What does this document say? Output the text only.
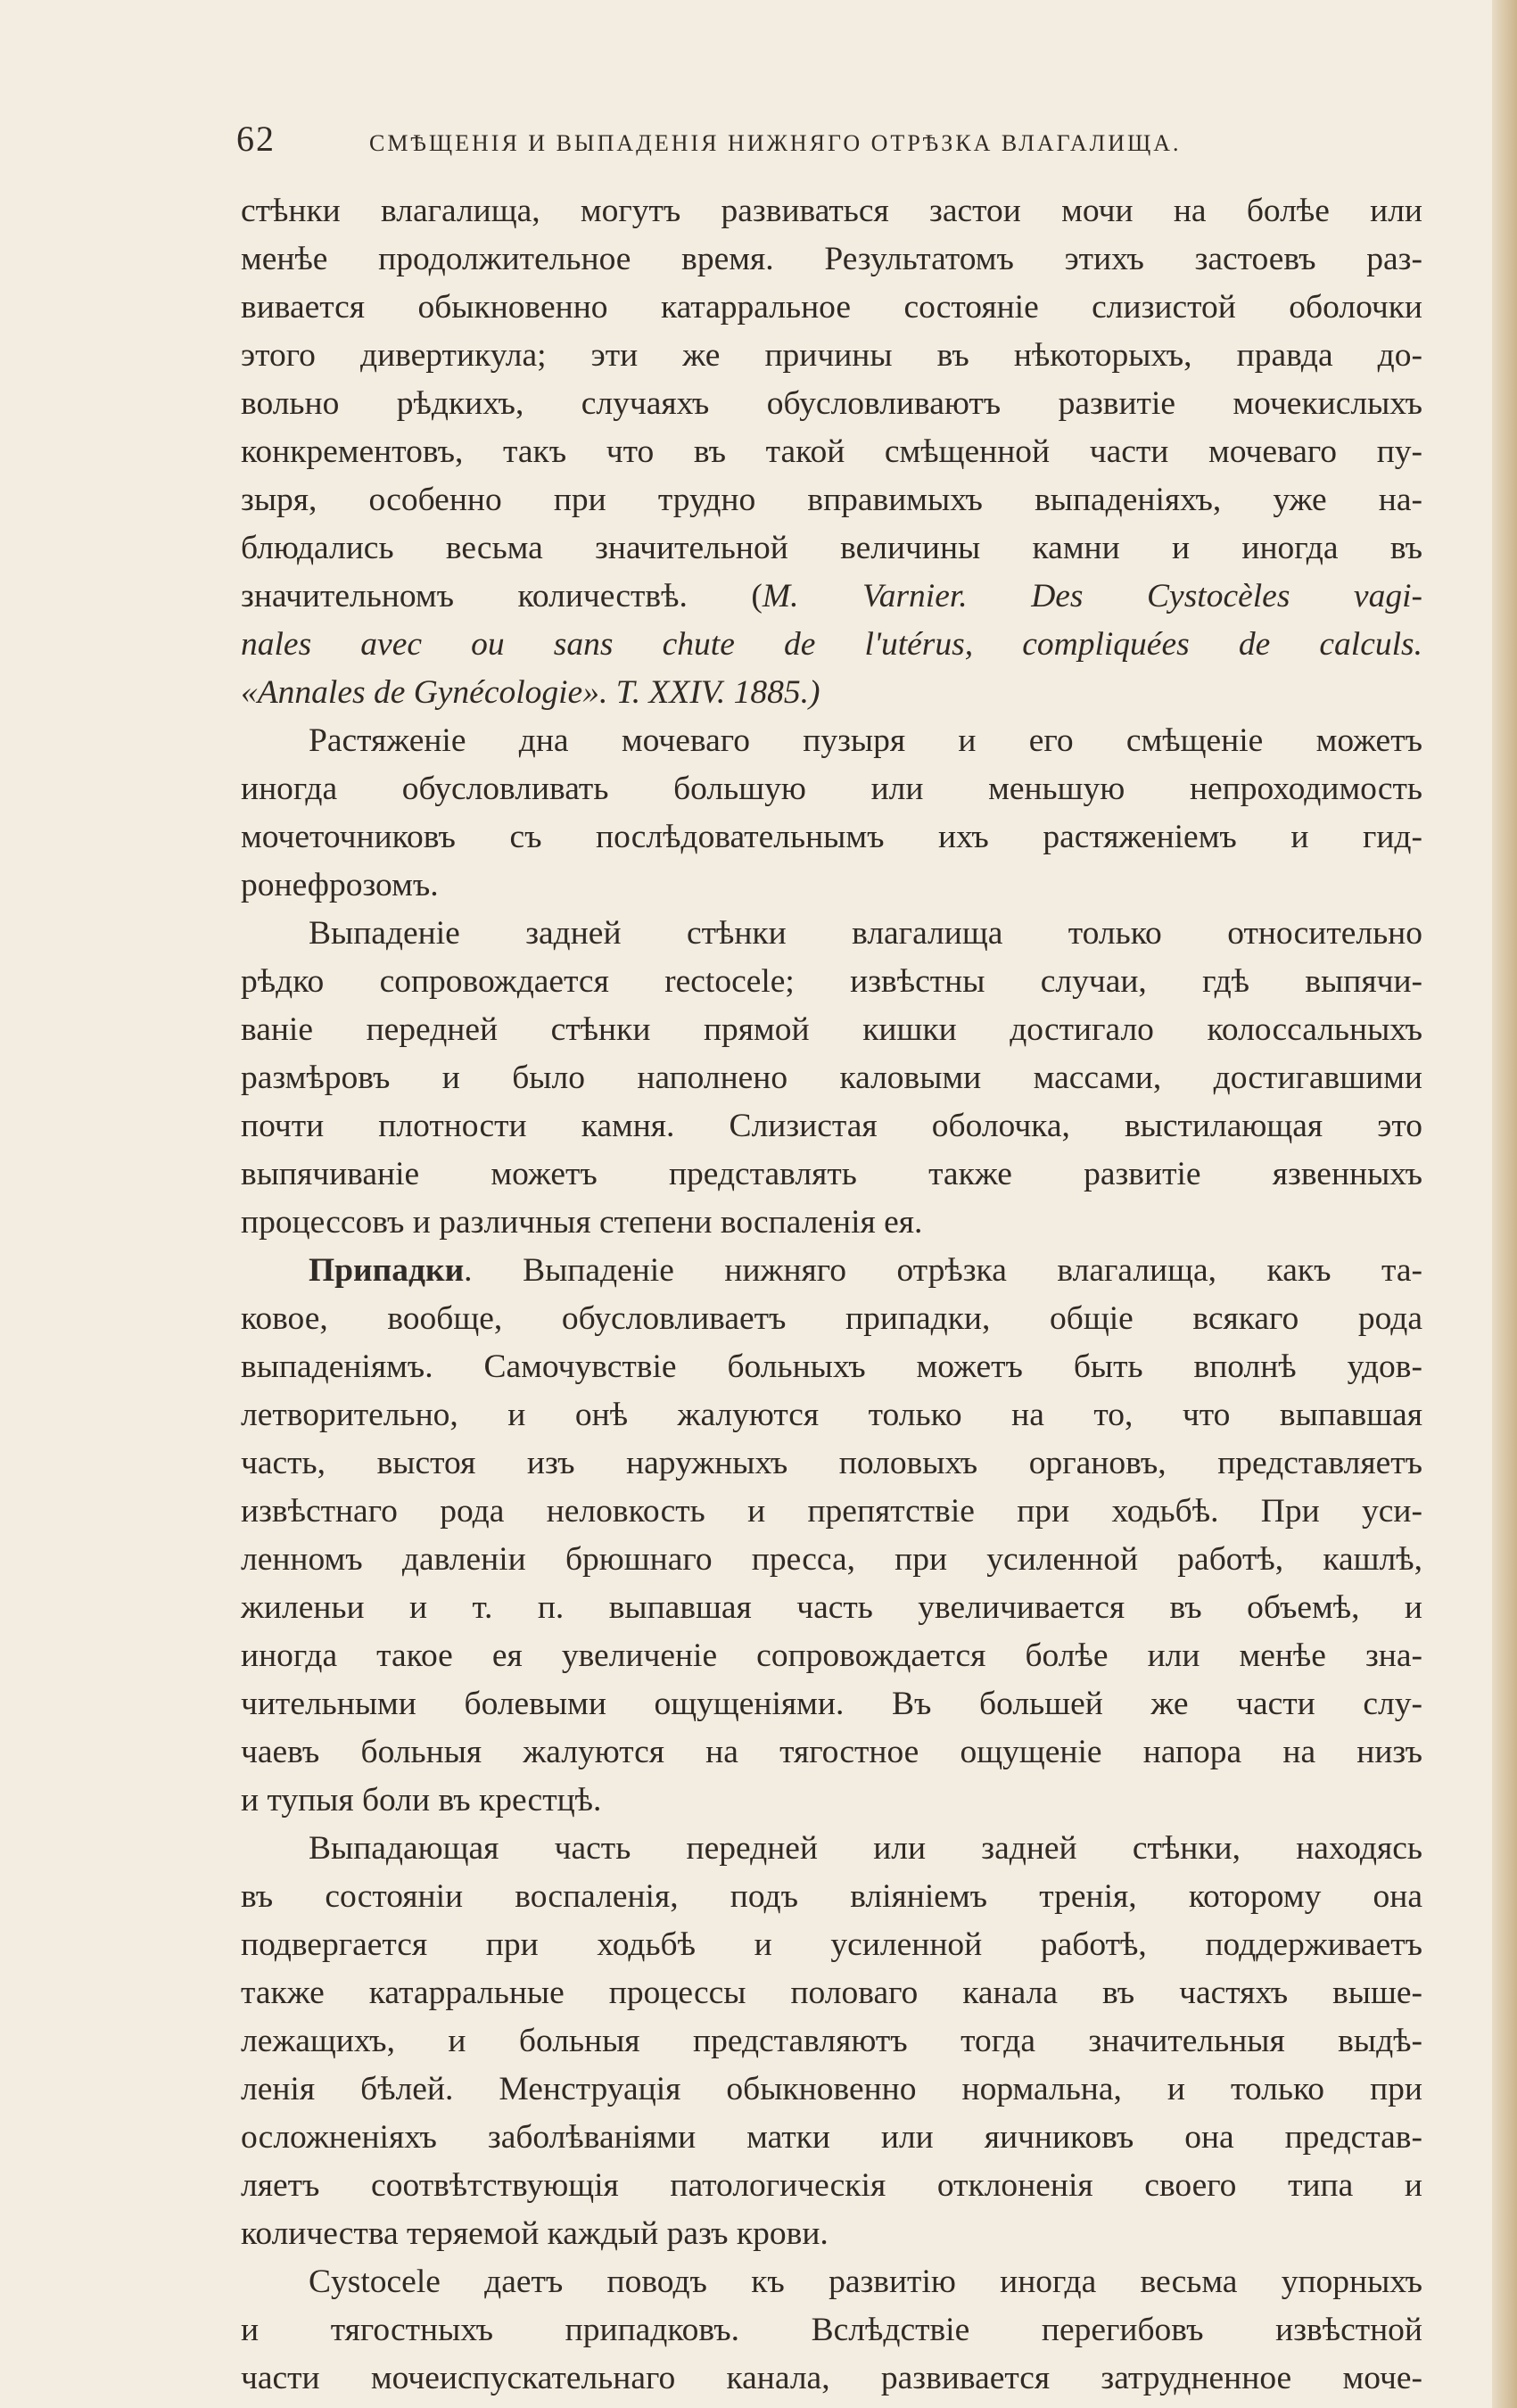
62	СМѢЩЕНІЯ И ВЫПАДЕНІЯ НИЖНЯГО ОТРѢЗКА ВЛАГАЛИЩА.
стѣнки влагалища, могутъ развиваться застои мочи на болѣе или
менѣе продолжительное время. Результатомъ этихъ застоевъ раз-
вивается обыкновенно катарральное состояніе слизистой оболочки
этого дивертикула; эти же причины въ нѣкоторыхъ, правда до-
вольно рѣдкихъ, случаяхъ обусловливаютъ развитіе мочекислыхъ
конкрементовъ, такъ что въ такой смѣщенной части мочеваго пу-
зыря, особенно при трудно вправимыхъ выпаденіяхъ, уже на-
блюдались весьма значительной величины камни и иногда въ
значительномъ количествѣ. (M. Varnier. Des Cystocèles vagi-
nales avec ou sans chute de l'utérus, compliquées de calculs.
«Annales de Gynécologie». T. XXIV. 1885.)
Растяженіе дна мочеваго пузыря и его смѣщеніе можетъ
иногда обусловливать большую или меньшую непроходимость
мочеточниковъ съ послѣдовательнымъ ихъ растяженіемъ и гид-
ронефрозомъ.
Выпаденіе задней стѣнки влагалища только относительно
рѣдко сопровождается rectocele; извѣстны случаи, гдѣ выпячи-
ваніе передней стѣнки прямой кишки достигало колоссальныхъ
размѣровъ и было наполнено каловыми массами, достигавшими
почти плотности камня. Слизистая оболочка, выстилающая это
выпячиваніе можетъ представлять также развитіе язвенныхъ
процессовъ и различныя степени воспаленія ея.
Припадки. Выпаденіе нижняго отрѣзка влагалища, какъ та-
ковое, вообще, обусловливаетъ припадки, общіе всякаго рода
выпаденіямъ. Самочувствіе больныхъ можетъ быть вполнѣ удов-
летворительно, и онѣ жалуются только на то, что выпавшая
часть, выстоя изъ наружныхъ половыхъ органовъ, представляетъ
извѣстнаго рода неловкость и препятствіе при ходьбѣ. При уси-
ленномъ давленіи брюшнаго пресса, при усиленной работѣ, кашлѣ,
жиленьи и т. п. выпавшая часть увеличивается въ объемѣ, и
иногда такое ея увеличеніе сопровождается болѣе или менѣе зна-
чительными болевыми ощущеніями. Въ большей же части слу-
чаевъ больныя жалуются на тягостное ощущеніе напора на низъ
и тупыя боли въ крестцѣ.
Выпадающая часть передней или задней стѣнки, находясь
въ состояніи воспаленія, подъ вліяніемъ тренія, которому она
подвергается при ходьбѣ и усиленной работѣ, поддерживаетъ
также катарральные процессы половаго канала въ частяхъ выше-
лежащихъ, и больныя представляютъ тогда значительныя выдѣ-
ленія бѣлей. Менструація обыкновенно нормальна, и только при
осложненіяхъ заболѣваніями матки или яичниковъ она представ-
ляетъ соотвѣтствующія патологическія отклоненія своего типа и
количества теряемой каждый разъ крови.
Cystocele даетъ поводъ къ развитію иногда весьма упорныхъ
и тягостныхъ припадковъ. Вслѣдствіе перегибовъ извѣстной
части мочеиспускательнаго канала, развивается затрудненное моче-
